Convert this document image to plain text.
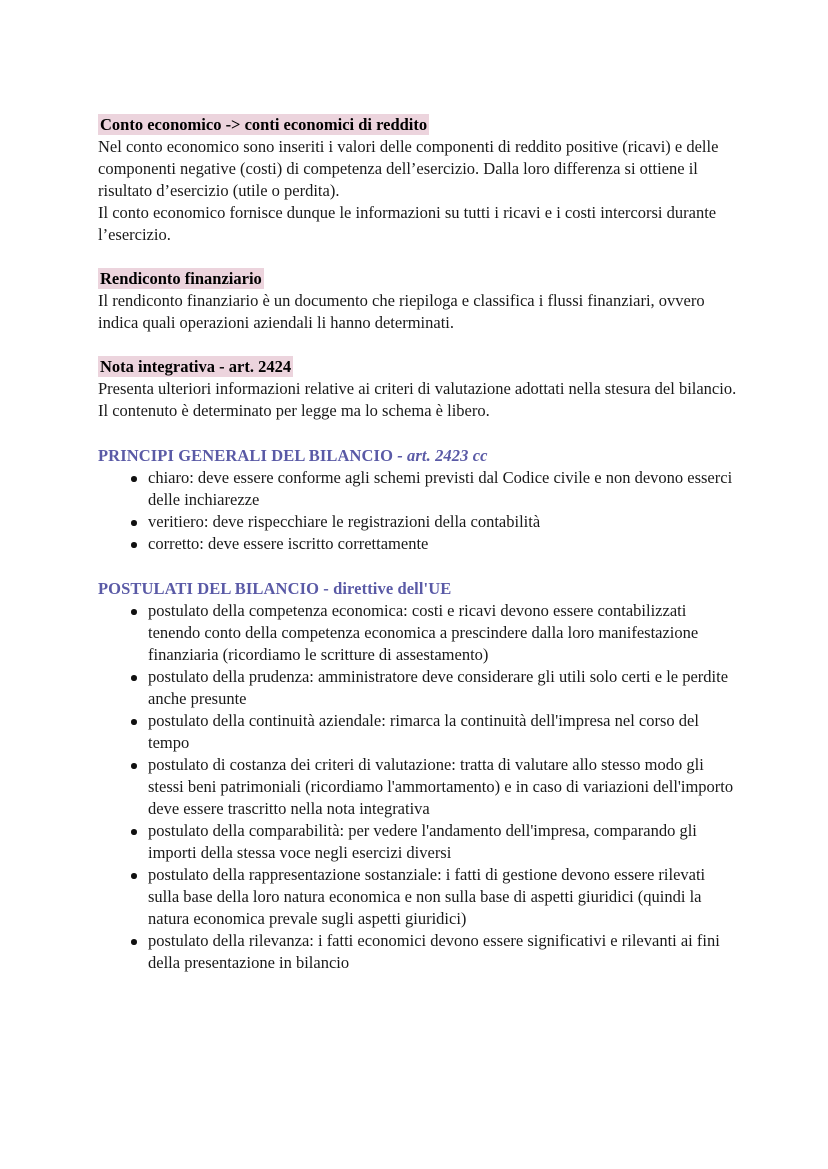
Conto economico -> conti economici di reddito

Nel conto economico sono inseriti i valori delle componenti di reddito positive (ricavi) e delle componenti negative (costi) di competenza dell’esercizio. Dalla loro differenza si ottiene il risultato d’esercizio (utile o perdita).

Il conto economico fornisce dunque le informazioni su tutti i ricavi e i costi intercorsi durante l’esercizio.

Rendiconto finanziario

Il rendiconto finanziario è un documento che riepiloga e classifica i flussi finanziari, ovvero indica quali operazioni aziendali li hanno determinati.

Nota integrativa - art. 2424

Presenta ulteriori informazioni relative ai criteri di valutazione adottati nella stesura del bilancio. Il contenuto è determinato per legge ma lo schema è libero.

PRINCIPI GENERALI DEL BILANCIO - art. 2423 cc
chiaro: deve essere conforme agli schemi previsti dal Codice civile e non devono esserci delle inchiarezze
veritiero: deve rispecchiare le registrazioni della contabilità
corretto: deve essere iscritto correttamente
POSTULATI DEL BILANCIO - direttive dell'UE
postulato della competenza economica: costi e ricavi devono essere contabilizzati tenendo conto della competenza economica a prescindere dalla loro manifestazione finanziaria (ricordiamo le scritture di assestamento)
postulato della prudenza: amministratore deve considerare gli utili solo certi e le perdite anche presunte
postulato della continuità aziendale: rimarca la continuità dell'impresa nel corso del tempo
postulato di costanza dei criteri di valutazione: tratta di valutare allo stesso modo gli stessi beni patrimoniali (ricordiamo l'ammortamento) e in caso di variazioni dell'importo deve essere trascritto nella nota integrativa
postulato della comparabilità: per vedere l'andamento dell'impresa, comparando gli importi della stessa voce negli esercizi diversi
postulato della rappresentazione sostanziale: i fatti di gestione devono essere rilevati sulla base della loro natura economica e non sulla base di aspetti giuridici (quindi la natura economica prevale sugli aspetti giuridici)
postulato della rilevanza: i fatti economici devono essere significativi e rilevanti ai fini della presentazione in bilancio
